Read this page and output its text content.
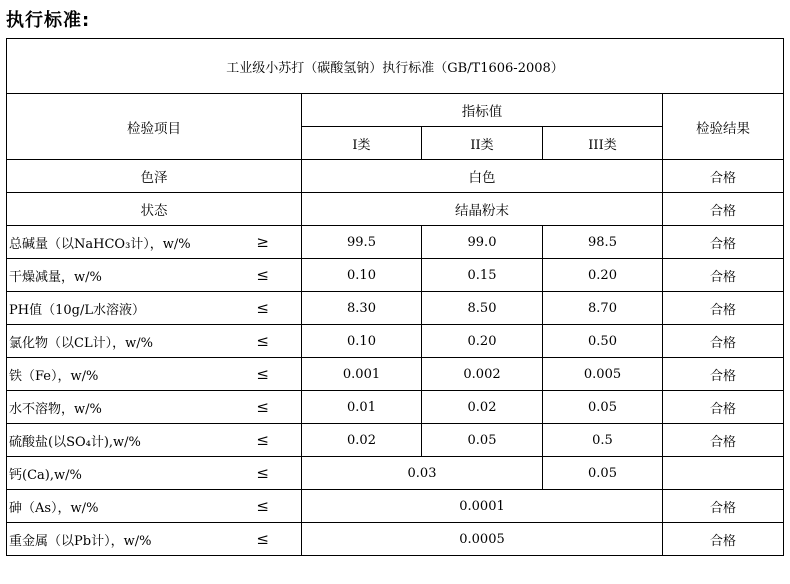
执行标准:
工业级小苏打（碳酸氢钠）执行标准（GB/T1606-2008）				
检验项目	指标值			检验结果
	I类	II类	III类	
色泽	白色			合格
状态	结晶粉末			合格

总碱量（以NaHCO₃计），w/% ≥	99.5	99.0	98.5	合格

干燥减量，w/% ≤	0.10	0.15	0.20	合格

PH值（10g/L水溶液） ≤	8.30	8.50	8.70	合格

氯化物（以CL计），w/% ≤	0.10	0.20	0.50	合格

铁（Fe），w/% ≤	0.001	0.002	0.005	合格

水不溶物，w/% ≤	0.01	0.02	0.05	合格

硫酸盐(以SO₄计),w/% ≤	0.02	0.05	0.5	合格

钙(Ca),w/% ≤	0.03		0.05	

砷（As），w/% ≤	0.0001			合格

重金属（以Pb计），w/% ≤	0.0005			合格
